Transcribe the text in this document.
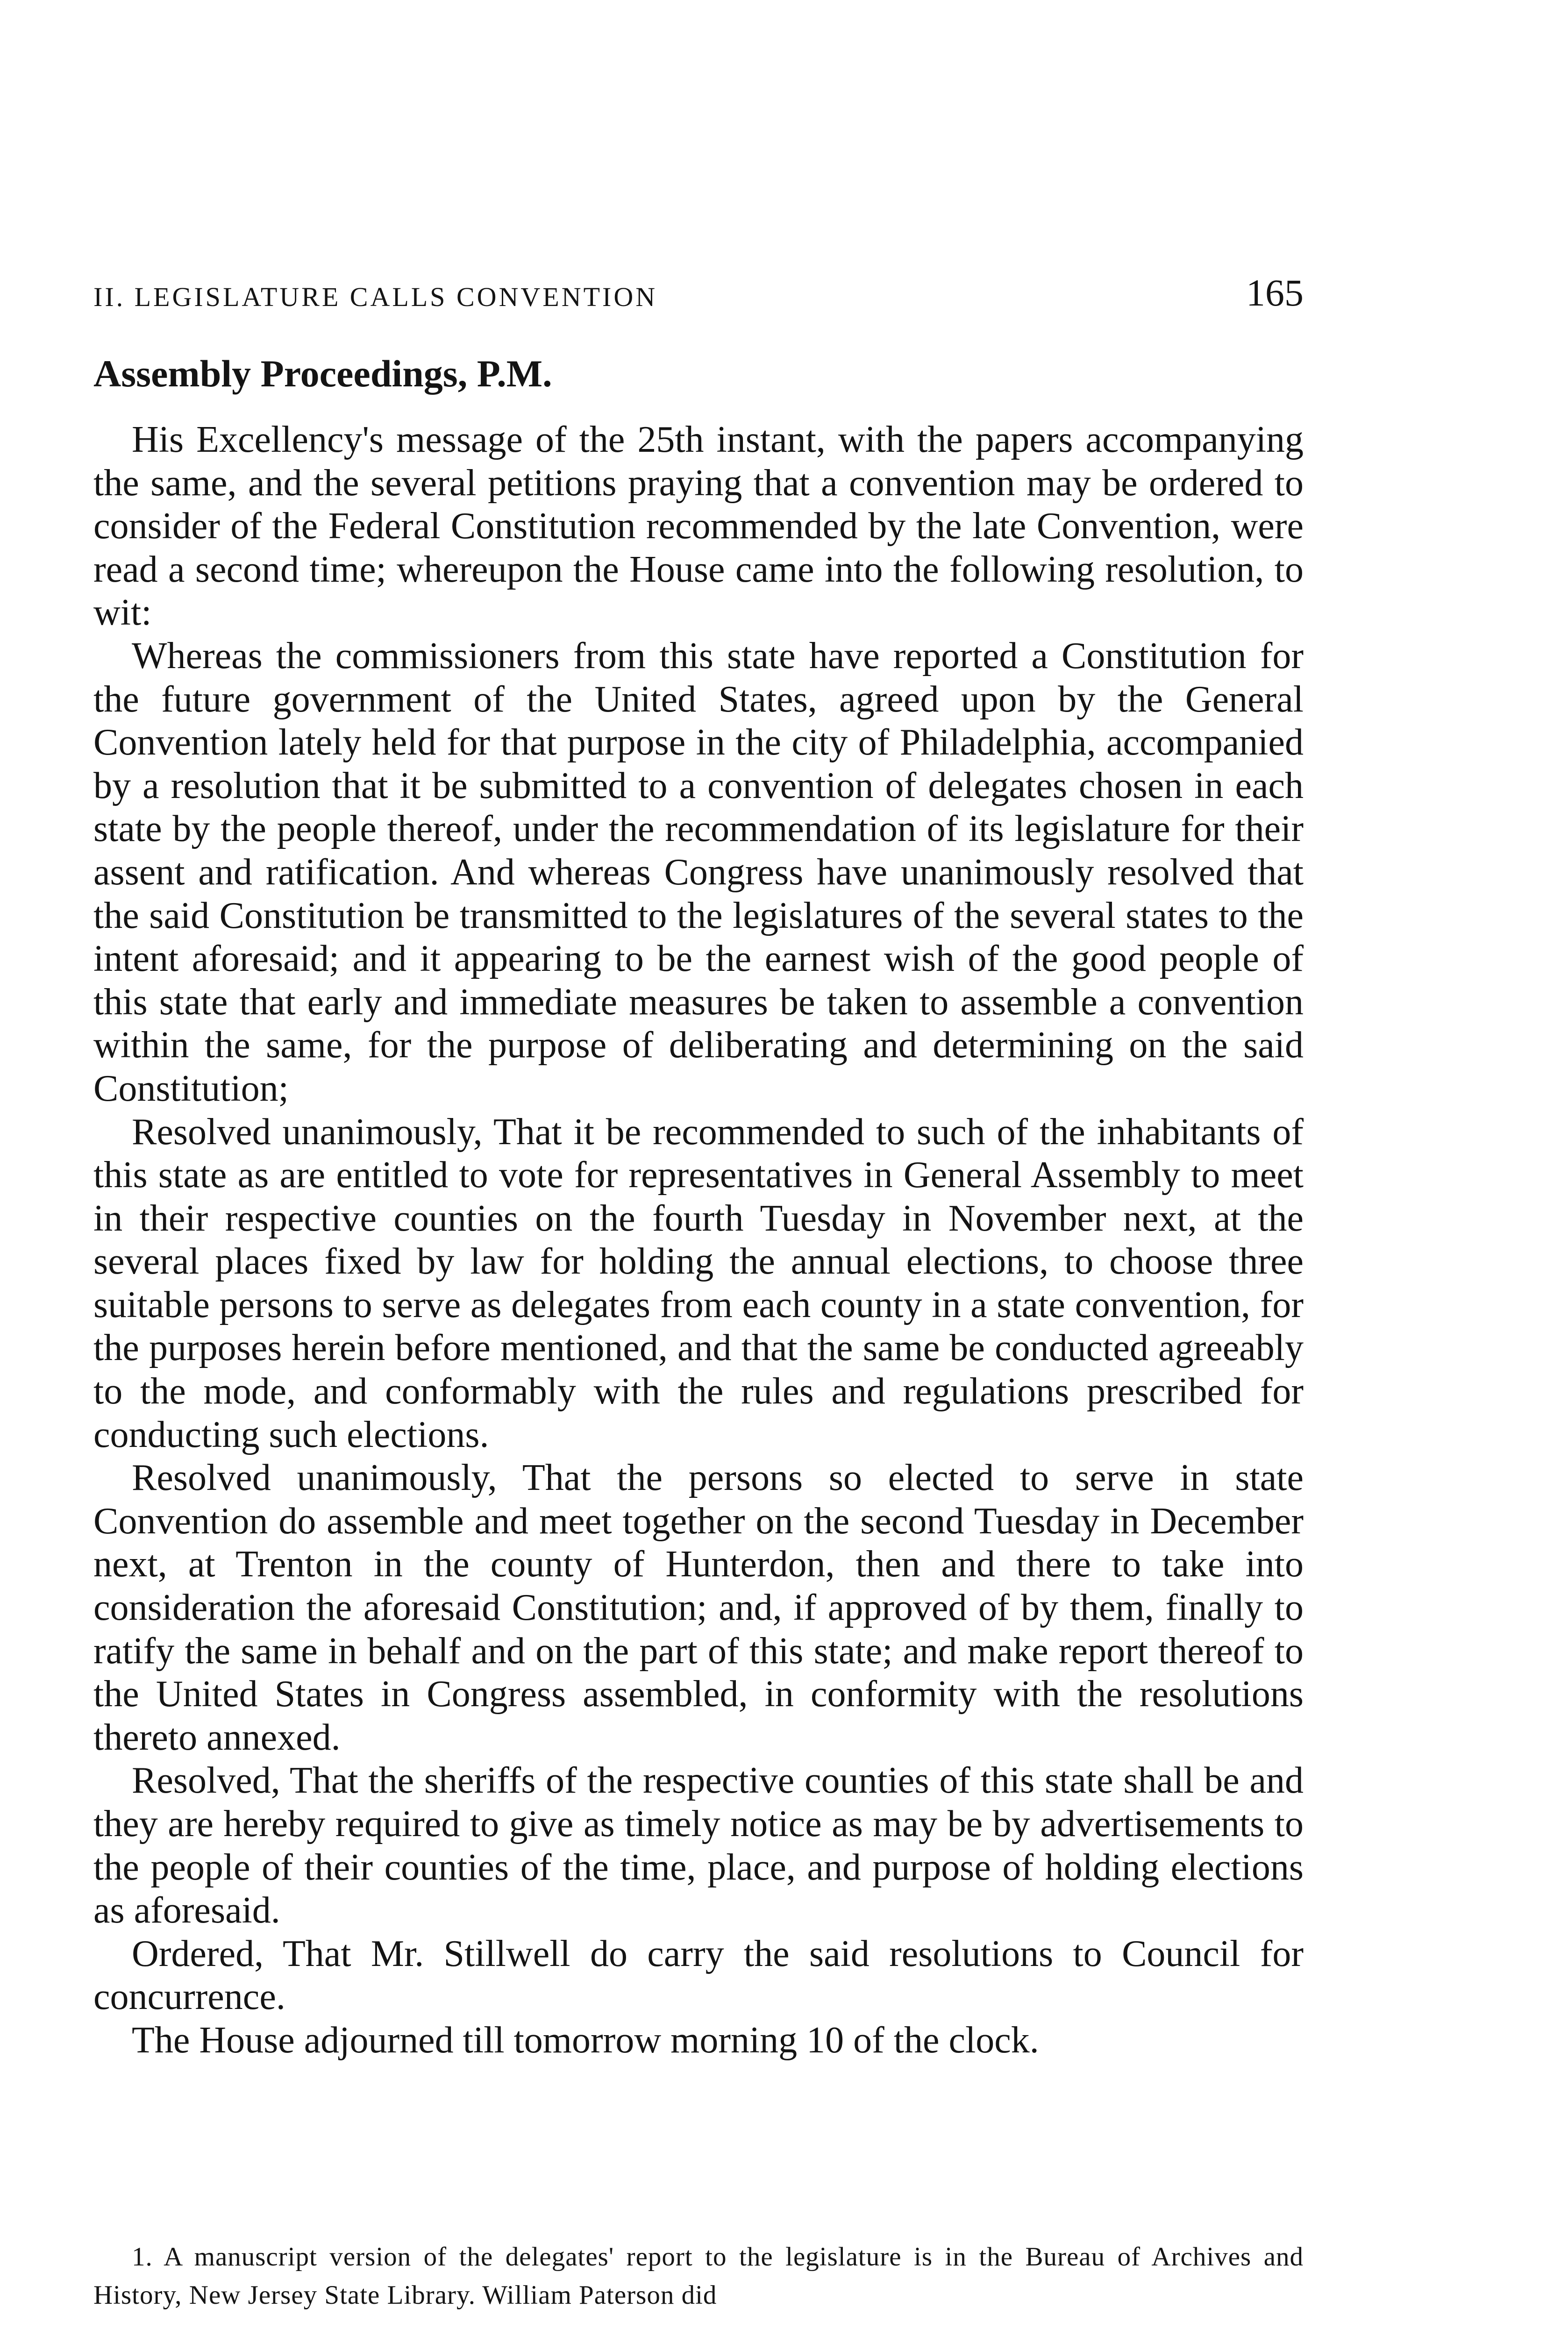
II. LEGISLATURE CALLS CONVENTION	165
Assembly Proceedings, P.M.

His Excellency's message of the 25th instant, with the papers accompanying the same, and the several petitions praying that a convention may be ordered to consider of the Federal Constitution recommended by the late Convention, were read a second time; whereupon the House came into the following resolution, to wit:

Whereas the commissioners from this state have reported a Constitution for the future government of the United States, agreed upon by the General Convention lately held for that purpose in the city of Philadelphia, accompanied by a resolution that it be submitted to a convention of delegates chosen in each state by the people thereof, under the recommendation of its legislature for their assent and ratification. And whereas Congress have unanimously resolved that the said Constitution be transmitted to the legislatures of the several states to the intent aforesaid; and it appearing to be the earnest wish of the good people of this state that early and immediate measures be taken to assemble a convention within the same, for the purpose of deliberating and determining on the said Constitution;

Resolved unanimously, That it be recommended to such of the inhabitants of this state as are entitled to vote for representatives in General Assembly to meet in their respective counties on the fourth Tuesday in November next, at the several places fixed by law for holding the annual elections, to choose three suitable persons to serve as delegates from each county in a state convention, for the purposes herein before mentioned, and that the same be conducted agreeably to the mode, and conformably with the rules and regulations prescribed for conducting such elections.

Resolved unanimously, That the persons so elected to serve in state Convention do assemble and meet together on the second Tuesday in December next, at Trenton in the county of Hunterdon, then and there to take into consideration the aforesaid Constitution; and, if approved of by them, finally to ratify the same in behalf and on the part of this state; and make report thereof to the United States in Congress assembled, in conformity with the resolutions thereto annexed.

Resolved, That the sheriffs of the respective counties of this state shall be and they are hereby required to give as timely notice as may be by advertisements to the people of their counties of the time, place, and purpose of holding elections as aforesaid.

Ordered, That Mr. Stillwell do carry the said resolutions to Council for concurrence.

The House adjourned till tomorrow morning 10 of the clock.

1. A manuscript version of the delegates' report to the legislature is in the Bureau of Archives and History, New Jersey State Library. William Paterson did
